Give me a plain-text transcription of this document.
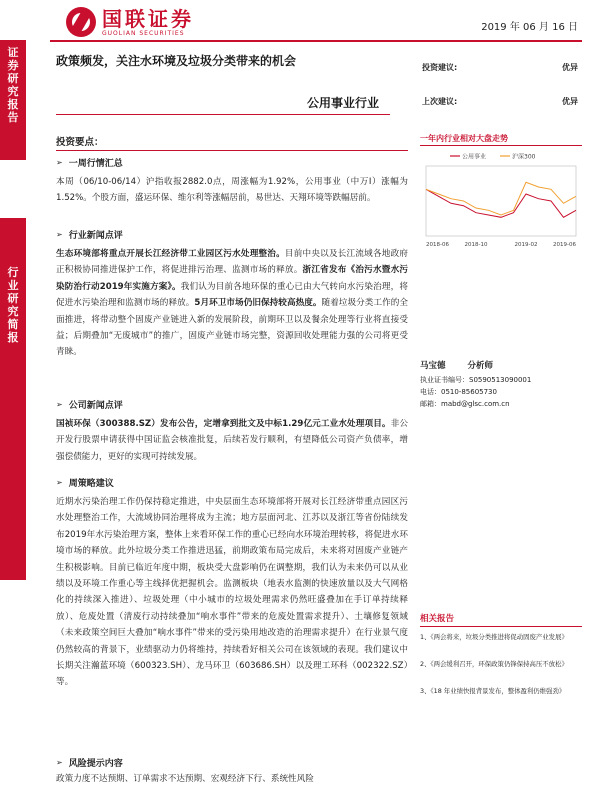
国联证券
GUOLIAN SECURITIES	2019 年 06 月 16 日
证券研究报告
行业研究简报
政策频发，关注水环境及垃圾分类带来的机会
公用事业行业
投资建议:	优异
上次建议:	优异
投资要点：
➢ 一周行情汇总
本周（06/10-06/14）沪指收报2882.0点，周涨幅为1.92%，公用事业（中万Ⅰ）涨幅为1.52%。个股方面，盛运环保、维尔利等涨幅居前，易世达、天翔环境等跌幅居前。
➢ 行业新闻点评
生态环境部将重点开展长江经济带工业园区污水处理整治。目前中央以及长江流域各地政府正积极协同推进保护工作，将促进排污治理、监测市场的释放。浙江省发布《治污水暨水污染防治行动2019年实施方案》。我们认为目前各地环保的重心已由大气转向水污染治理，将促进水污染治理和监测市场的释放。5月环卫市场仍旧保持较高热度。随着垃圾分类工作的全面推进，将带动整个固废产业链进入新的发展阶段，前期环卫以及餐余处理等行业将直接受益；后期叠加“无废城市”的推广，固废产业链市场完整，资源回收处理能力强的公司将更受青睐。
➢ 公司新闻点评
国祯环保（300388.SZ）发布公告，定增拿到批文及中标1.29亿元工业水处理项目。非公开发行股票申请获得中国证监会核准批复，后续若发行顺利，有望降低公司资产负债率，增强偿债能力，更好的实现可持续发展。
➢ 周策略建议
近期水污染治理工作仍保持稳定推进，中央层面生态环境部将开展对长江经济带重点园区污水处理整治工作，大流域协同治理将成为主流；地方层面河北、江苏以及浙江等省份陆续发布2019年水污染治理方案，整体上来看环保工作的重心已经向水环境治理转移，将促进水环境市场的释放。此外垃圾分类工作推进迅猛，前期政策布局完成后，未来将对固废产业链产生积极影响。目前已临近年度中期，板块受大盘影响仍在调整期，我们认为未来仍可以从业绩以及环境工作重心等主线择优把握机会。监测板块（地表水监测的快速放量以及大气网格化的持续深入推进）、垃圾处理（中小城市的垃圾处理需求仍然旺盛叠加在手订单持续释放）、危废处置（清废行动持续叠加“响水事件”带来的危废处置需求提升）、土壤修复领域（未来政策空间巨大叠加“响水事件”带来的受污染用地改造的治理需求提升）在行业景气度仍然较高的背景下，业绩驱动力仍将维持，持续看好相关公司在该领域的表现。我们建议中长期关注瀚蓝环境（600323.SH）、龙马环卫（603686.SH）以及理工环科（002322.SZ）等。
➢ 风险提示内容
政策力度不达预期、订单需求不达预期、宏观经济下行、系统性风险
一年内行业相对大盘走势
公用事业	沪深300
2018-06	2018-10	2019-02	2019-06
马宝德	分析师
执业证书编号：S0590513090001
电话：0510-85605730
邮箱：mabd@glsc.com.cn
相关报告
1、《两会将来，垃圾分类推进将促动固废产业发展》
2、《两会缓利召开，环保政策仍锋保持高压不放松》
3、《18 年业绩快报背景发布，整体盈利仍维强劲》
